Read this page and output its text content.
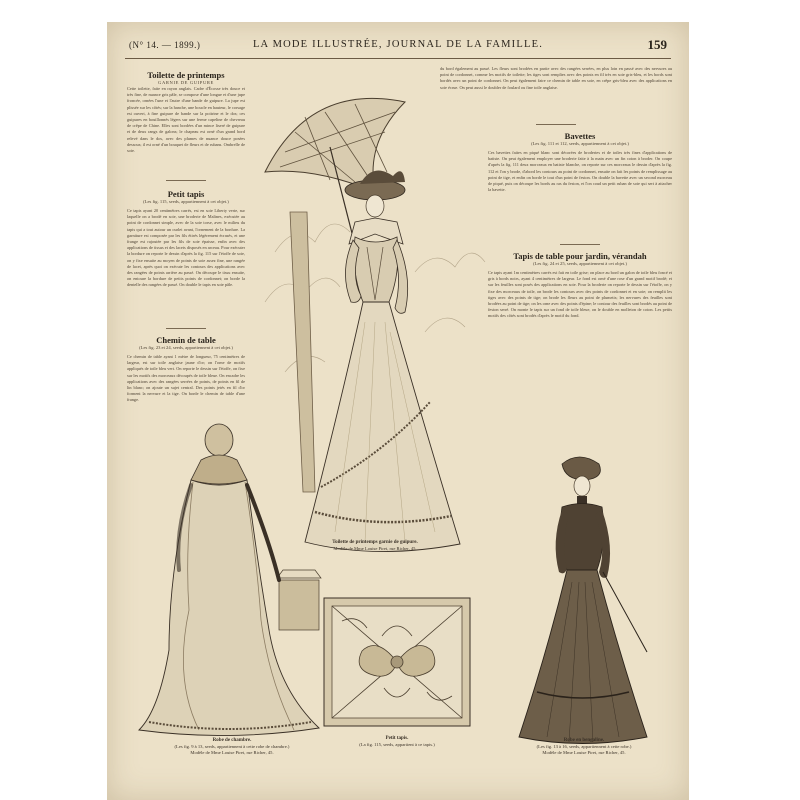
(N° 14. — 1899.)	LA MODE ILLUSTRÉE, JOURNAL DE LA FAMILLE.	159
Toilette de printemps
GARNIE DE GUIPURE
Cette toilette, faite en rayon anglais. Cadre d'Écosse très douce et très fine, de nuance gris pâle, se compose d'une longue et d'une jupe froncée, ornées l'une et l'autre d'une bande de guipure. La jupe est plissée sur les côtés; sur la hanche, une boucle en hauteur, le corsage est ouvert, à fine guipure de bande sur la poitrine et le dos; ces guipures en bouillonnés légers sur une ferme capeline de chevreau de crêpe de Chine. Elles sont bordées d'un mince liseré de guipure et de deux rangs de galons; le chapeau est orné d'un grand bord relevé dans le dos, avec des plumes de nuance douce posées dessous; il est orné d'un bouquet de fleurs et de rubans. Ombrelle de soie.
Petit tapis
(Les fig. 115, seeds, appartiennent à cet objet.)
Ce tapis ayant 20 centimètres carrés, est en soie Liberty verte, sur laquelle on a brodé en soie, une broderie de Malines, exécutée au point de cordonnet simple, avec de la soie torse, avec le milieu du tapis qui a tout autour un ourlet avant, l'ornement de la bordure. La garniture est composée par les fils étirés légèrement écrasés, et une frange est rajoutée par les fils de soie épaisse, enfin avec des applications de tissus et des lacets disposés en arceau. Pour exécuter la bordure on reporte le dessin d'après la fig. 115 sur l'étoffe de soie, on y fixe ensuite au moyen de points de soie assez fine, une rangée de lacet, après quoi on exécute les contours des applications avec des rangées de points arrière au passé. On découpe le tissu ensuite, on entoure la bordure de petits points de cordonnet; on borde la dentelle des rangées de passé. On double le tapis en soie pâle.
Chemin de table
(Les fig. 23 et 24, seeds, appartiennent à cet objet.)
Ce chemin de table ayant 1 mètre de longueur, 75 centimètres de largeur, est sur toile anglaise jaune d'or; on l'orne de motifs appliqués de toile bleu vert. On reporte le dessin sur l'étoffe, on fixe sur les motifs des morceaux découpés de toile bleue. On encadre les applications avec des rangées serrées de points, de points en fil de lin blanc; on ajoute un sujet central. Des points jetés en fil d'or forment la nervure et la tige. On borde le chemin de table d'une frange.
du bord également au passé. Les fleurs sont brodées en partie avec des rangées serrées, en plus loin en passé avec des nervures au point de cordonnet, comme les motifs de toilette; les tiges sont remplies avec des points en fil très en soie gris-bleu, et les bords sont bordés avec un point de cordonnet. On peut également faire ce chemin de table en soie, en crêpe gris-bleu avec des applications en soie écrue. On peut aussi le doubler de foulard ou fine toile anglaise.
Bavettes
(Les fig. 111 et 112, seeds, appartiennent à cet objet.)
Ces bavettes faites en piqué blanc sont décorées de broderies et de toiles très fines d'applications de batiste. On peut également employer une broderie faite à la main avec un fin coton à broder. On coupe d'après la fig. 111 deux morceaux en batiste blanche, on reporte sur ces morceaux le dessin d'après la fig. 112 et l'on y brode, d'abord les contours au point de cordonnet, ensuite on fait les points de remplissage au point de tige, et enfin on borde le tout d'un point de feston. On double la bavette avec un second morceau de piqué, puis on découpe les bords au ras du feston, et l'on coud un petit ruban de soie qui sert à attacher la bavette.
Tapis de table pour jardin, vérandah
(Les fig. 24 et 25, seeds, appartiennent à cet objet.)
Ce tapis ayant 1m centimètres carrés est fait en toile grise; on place au bord un galon de toile bleu foncé et gris à bords noirs, ayant 4 centimètres de largeur. Le fond est orné d'une rose d'un grand motif brodé; et sur les feuilles sont posés des applications en soie. Pour la broderie on reporte le dessin sur l'étoffe, on y fixe des morceaux de toile, on brode les contours avec des points de cordonnet et en soie; on remplit les tiges avec des points de tige; on brode les fleurs au point de plumetis; les nervures des feuilles sont brodées au point de tige; on les orne avec des points d'épine; le contour des feuilles sont brodés au point de feston serré. On monte le tapis sur un fond de toile bleue, on le double en molleton de coton. Les petits motifs des côtés sont brodés d'après le motif du fond.
Toilette de printemps garnie de guipure.
Modèle de Mme Louise Piret, rue Richer, 45.
Robe de chambre.
(Les fig. 9 à 13, seeds, appartiennent à cette robe de chambre.)
Modèle de Mme Louise Piret, rue Richer, 45.
Petit tapis.
(La fig. 115, seeds, appartient à ce tapis.)
Robe en bengaline.
(Les fig. 13 à 16, seeds, appartiennent à cette robe.)
Modèle de Mme Louise Piret, rue Richer, 45.
